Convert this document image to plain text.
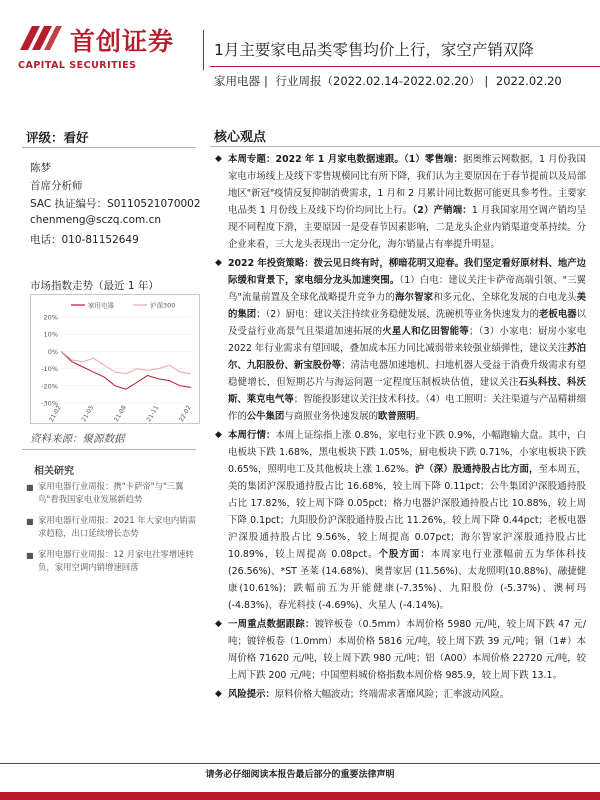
首创证券
CAPITAL SECURITIES
1月主要家电品类零售均价上行，家空产销双降
家用电器 | 行业周报（2022.02.14-2022.02.20） | 2022.02.20
评级：看好
陈梦
首席分析师
SAC 执证编号：S0110521070002
chenmeng@sczq.com.cn
电话：010-81152649
市场指数走势（最近 1 年）
20%
10%
0%
-10%
-20%
-30%
21-02	21-05	21-08	21-11	22-02
家用电器	沪深300
资料来源：聚源数据
相关研究
■ 家用电器行业周报：携"卡萨帝"与"三翼鸟"看我国家电业发展新趋势
■ 家用电器行业周报：2021 年大家电内销需求趋稳，出口延续增长态势
■ 家用电器行业周报：12 月家电社零增速转负，家用空调内销增速回落
核心观点
◆ 本周专题：2022 年 1 月家电数据速跟。（1）零售端：据奥维云网数据，1 月份我国家电市场线上及线下零售规模同比有所下降，我们认为主要原因在于春节提前以及局部地区"新冠"疫情反复抑制消费需求，1 月和 2 月累计同比数据可能更具参考性。主要家电品类 1 月份线上及线下均价均同比上行。（2）产销端：1 月我国家用空调产销均呈现不同程度下滑，主要原因一是受春节因素影响，二是龙头企业内销渠道变革持续。分企业来看，三大龙头表现出一定分化，海尔销量占有率提升明显。
◆ 2022 年投资策略：拨云见日终有时，柳暗花明又迎春。我们坚定看好原材料、地产边际缓和背景下，家电细分龙头加速突围。（1）白电：建议关注卡萨帝高端引领、"三翼鸟"流量前置及全球化战略提升竞争力的海尔智家和多元化、全球化发展的白电龙头美的集团；（2）厨电：建议关注持续业务稳健发展，洗碗机等业务快速发力的老板电器以及受益行业高景气且渠道加速拓展的火星人和亿田智能等；（3）小家电：厨房小家电 2022 年行业需求有望回暖，叠加成本压力同比减弱带来较强业绩弹性，建议关注苏泊尔、九阳股份、新宝股份等；清洁电器加速地机、扫地机器人受益于消费升级需求有望稳健增长，但短期芯片与海运问题一定程度压制板块估值，建议关注石头科技、科沃斯、莱克电气等；智能投影建议关注技术科技。（4）电工照明：关注渠道与产品精耕细作的公牛集团与商照业务快速发展的欧普照明。
◆ 本周行情：本周上证综指上涨 0.8%，家电行业下跌 0.9%，小幅跑输大盘。其中，白电板块下跌 1.68%，黑电板块下跌 1.05%，厨电板块下跌 0.71%，小家电板块下跌 0.65%，照明电工及其他板块上涨 1.62%。沪（深）股通持股占比方面，至本周五，美的集团沪深股通持股占比 16.68%，较上周下降 0.11pct；公牛集团沪深股通持股占比 17.82%，较上周下降 0.05pct；格力电器沪深股通持股占比 10.88%，较上周下降 0.1pct；九阳股份沪深股通持股占比 11.26%，较上周下降 0.44pct；老板电器沪深股通持股占比 9.56%，较上周提高 0.07pct；海尔智家沪深股通持股占比 10.89%，较上周提高 0.08pct。个股方面：本周家电行业涨幅前五为华体科技 (26.56%)、*ST 圣莱 (14.68%)、奥普家居 (11.56%)、太龙照明(10.88%)、融捷健康(10.61%)；跌幅前五为开能健康(-7.35%)、九阳股份 (-5.37%)、澳柯玛 (-4.83%)、春光科技 (-4.69%)、火星人 (-4.14%)。
◆ 一周重点数据跟踪：镀锌板卷（0.5mm）本周价格 5980 元/吨，较上周下跌 47 元/吨；镀锌板卷（1.0mm）本周价格 5816 元/吨，较上周下跌 39 元/吨；铜（1#）本周价格 71620 元/吨，较上周下跌 980 元/吨；铝（A00）本周价格 22720 元/吨，较上周下跌 200 元/吨；中国塑料城价格指数本周价格 985.9，较上周下跌 13.1。
◆ 风险提示：原料价格大幅波动；终端需求著靡风险；汇率波动风险。
请务必仔细阅读本报告最后部分的重要法律声明
